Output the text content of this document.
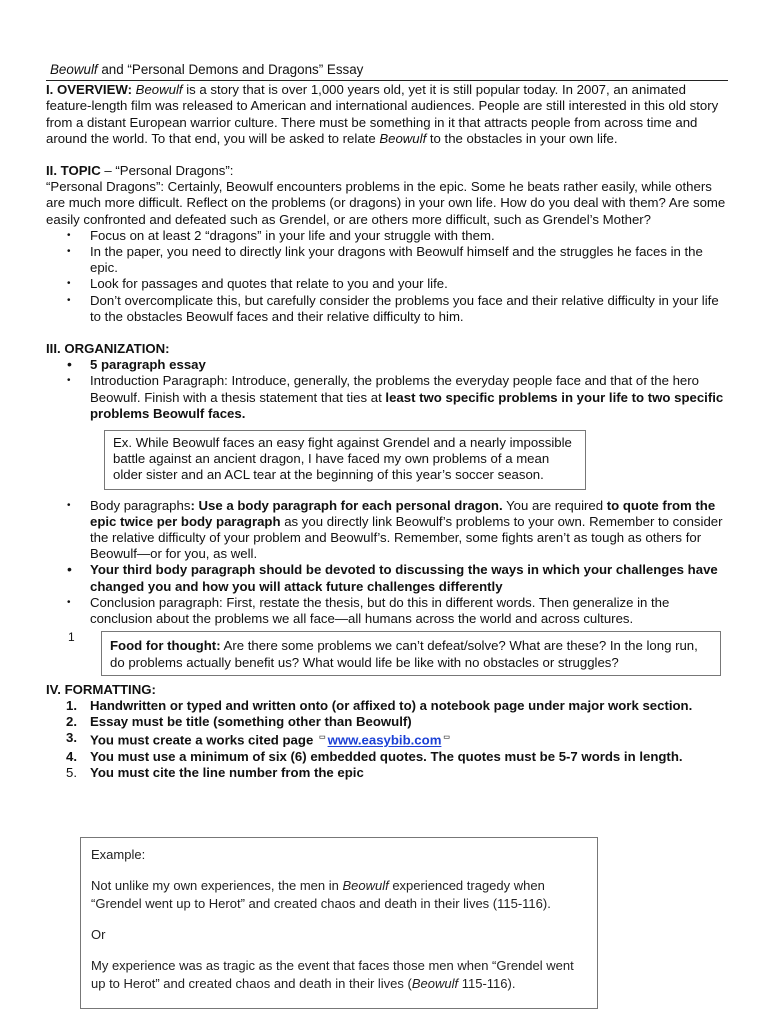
Beowulf and “Personal Demons and Dragons” Essay
I. OVERVIEW: Beowulf is a story that is over 1,000 years old, yet it is still popular today. In 2007, an animated feature-length film was released to American and international audiences. People are still interested in this old story from a distant European warrior culture. There must be something in it that attracts people from across time and around the world. To that end, you will be asked to relate Beowulf to the obstacles in your own life.
II. TOPIC – “Personal Dragons”:
“Personal Dragons”: Certainly, Beowulf encounters problems in the epic. Some he beats rather easily, while others are much more difficult. Reflect on the problems (or dragons) in your own life. How do you deal with them? Are some easily confronted and defeated such as Grendel, or are others more difficult, such as Grendel’s Mother?
• Focus on at least 2 “dragons” in your life and your struggle with them.
• In the paper, you need to directly link your dragons with Beowulf himself and the struggles he faces in the epic.
• Look for passages and quotes that relate to you and your life.
• Don’t overcomplicate this, but carefully consider the problems you face and their relative difficulty in your life to the obstacles Beowulf faces and their relative difficulty to him.
III. ORGANIZATION:
• 5 paragraph essay
• Introduction Paragraph: Introduce, generally, the problems the everyday people face and that of the hero Beowulf. Finish with a thesis statement that ties at least two specific problems in your life to two specific problems Beowulf faces.
Ex. While Beowulf faces an easy fight against Grendel and a nearly impossible battle against an ancient dragon, I have faced my own problems of a mean older sister and an ACL tear at the beginning of this year’s soccer season.
• Body paragraphs: Use a body paragraph for each personal dragon. You are required to quote from the epic twice per body paragraph as you directly link Beowulf’s problems to your own. Remember to consider the relative difficulty of your problem and Beowulf’s. Remember, some fights aren’t as tough as others for Beowulf—or for you, as well.
• Your third body paragraph should be devoted to discussing the ways in which your challenges have changed you and how you will attack future challenges differently
• Conclusion paragraph: First, restate the thesis, but do this in different words. Then generalize in the conclusion about the problems we all face—all humans across the world and across cultures.
1
Food for thought: Are there some problems we can’t defeat/solve? What are these? In the long run, do problems actually benefit us? What would life be like with no obstacles or struggles?
IV. FORMATTING:
1. Handwritten or typed and written onto (or affixed to) a notebook page under major work section.
2. Essay must be title (something other than Beowulf)
3. You must create a works cited page ▭ www.easybib.com ▭
4. You must use a minimum of six (6) embedded quotes. The quotes must be 5-7 words in length.
5. You must cite the line number from the epic

Example:

Not unlike my own experiences, the men in Beowulf experienced tragedy when “Grendel went up to Herot” and created chaos and death in their lives (115-116).

Or

My experience was as tragic as the event that faces those men when “Grendel went up to Herot” and created chaos and death in their lives (Beowulf 115-116).
